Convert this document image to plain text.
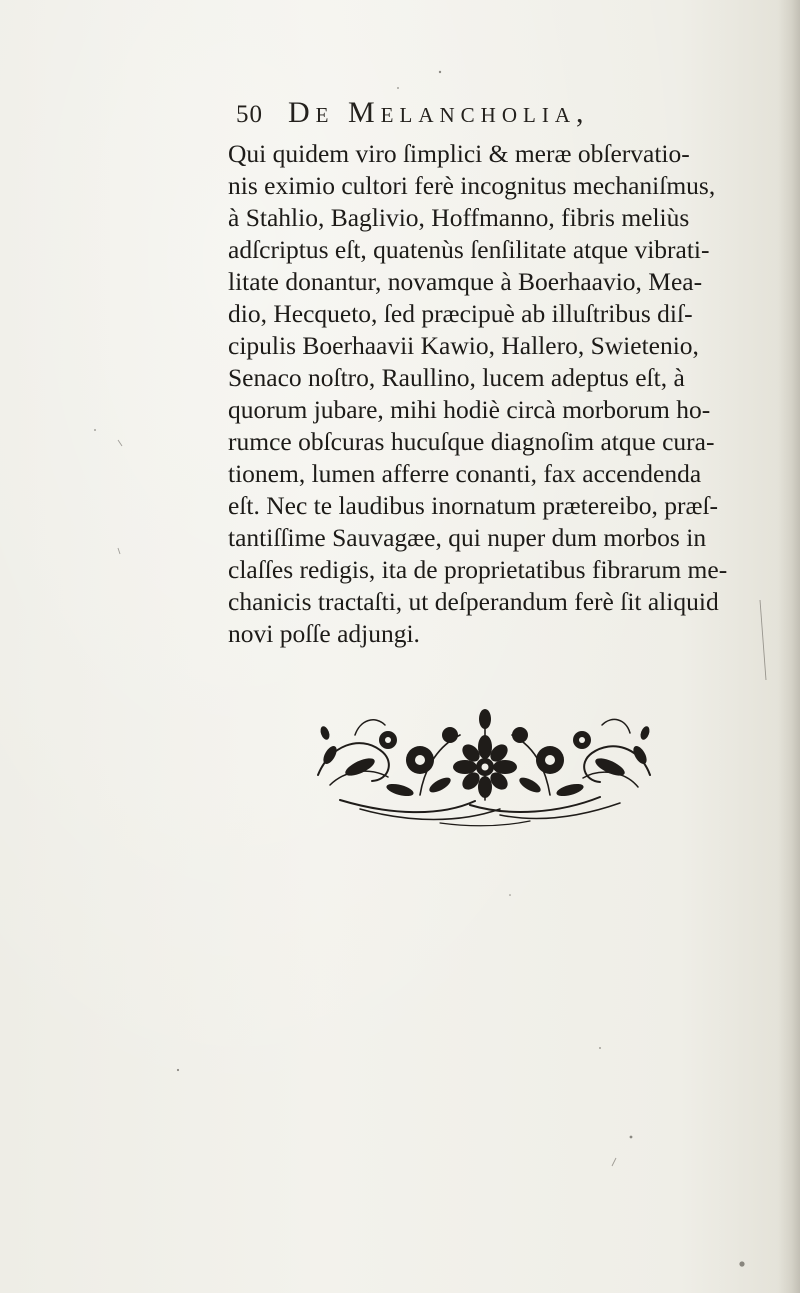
50 De Melancholia,
Qui quidem viro ſimplici & meræ obſervatio-
nis eximio cultori ferè incognitus mechaniſmus,
à Stahlio, Baglivio, Hoffmanno, fibris meliùs
adſcriptus eſt, quatenùs ſenſilitate atque vibrati-
litate donantur, novamque à Boerhaavio, Mea-
dio, Hecqueto, ſed præcipuè ab illuſtribus diſ-
cipulis Boerhaavii Kawio, Hallero, Swietenio,
Senaco noſtro, Raullino, lucem adeptus eſt, à
quorum jubare, mihi hodiè circà morborum ho-
rumce obſcuras hucuſque diagnoſim atque cura-
tionem, lumen afferre conanti, fax accendenda
eſt. Nec te laudibus inornatum prætereibo, præſ-
tantiſſime Sauvagæe, qui nuper dum morbos in
claſſes redigis, ita de proprietatibus fibrarum me-
chanicis tractaſti, ut deſperandum ferè ſit aliquid
novi poſſe adjungi.
